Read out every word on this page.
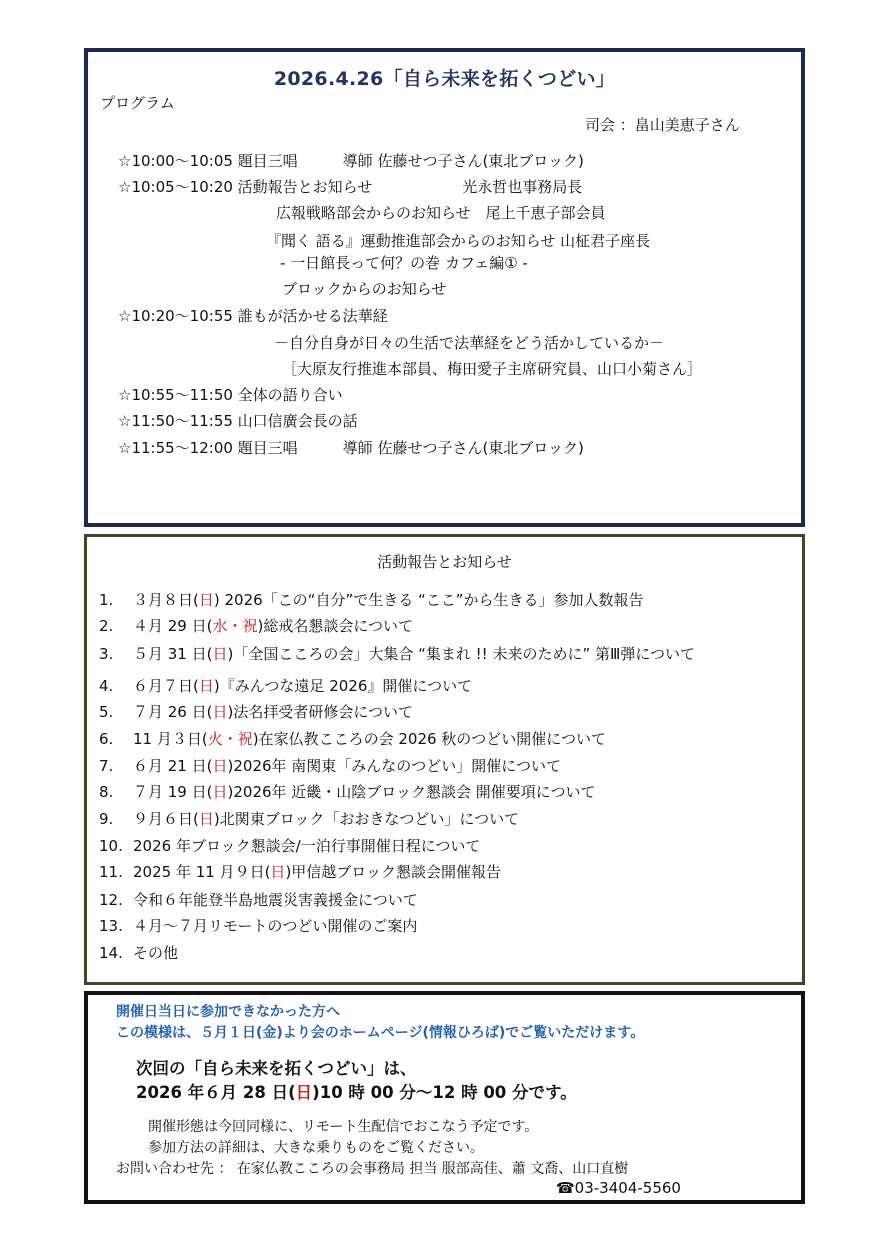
2026.4.26「自ら未来を拓くつどい」
プログラム
司会 ：畠山美恵子さん
☆10:00～10:05 題目三唱　　　導師 佐藤せつ子さん(東北ブロック)
☆10:05～10:20 活動報告とお知らせ　　　　　　光永哲也事務局長
広報戦略部会からのお知らせ　尾上千恵子部会員
『聞く 語る』運動推進部会からのお知らせ 山柾君子座長
- 一日館長って何？の巻 カフェ編① -
ブロックからのお知らせ
☆10:20～10:55 誰もが活かせる法華経
－自分自身が日々の生活で法華経をどう活かしているか－
［大原友行推進本部員、梅田愛子主席研究員、山口小菊さん］
☆10:55～11:50 全体の語り合い
☆11:50～11:55 山口信廣会長の話
☆11:55～12:00 題目三唱　　　導師 佐藤せつ子さん(東北ブロック)
活動報告とお知らせ
1. ３月８日(日) 2026「この“自分”で生きる “ここ”から生きる」参加人数報告
2. ４月 29 日(水・祝)総戒名懇談会について
3. ５月 31 日(日)「全国こころの会」大集合 “集まれ !! 未来のために” 第Ⅲ弾について
4. ６月７日(日)『みんつな遠足 2026』開催について
5. ７月 26 日(日)法名拝受者研修会について
6. 11 月３日(火・祝)在家仏教こころの会 2026 秋のつどい開催について
7. ６月 21 日(日)2026年 南関東「みんなのつどい」開催について
8. ７月 19 日(日)2026年 近畿・山陰ブロック懇談会 開催要項について
9. ９月６日(日)北関東ブロック「おおきなつどい」について
10. 2026 年ブロック懇談会/一泊行事開催日程について
11. 2025 年 11 月９日(日)甲信越ブロック懇談会開催報告
12. 令和６年能登半島地震災害義援金について
13. ４月～７月リモートのつどい開催のご案内
14. その他
開催日当日に参加できなかった方へ
この模様は、５月１日(金)より会のホームページ(情報ひろば)でご覧いただけます。
次回の「自ら未来を拓くつどい」は、
2026 年６月 28 日(日)10 時 00 分～12 時 00 分です。
開催形態は今回同様に、リモート生配信でおこなう予定です。
参加方法の詳細は、大きな乗りものをご覧ください。
お問い合わせ先 ： 在家仏教こころの会事務局 担当 服部高佳、蕭 文喬、山口直樹
☎03-3404-5560
